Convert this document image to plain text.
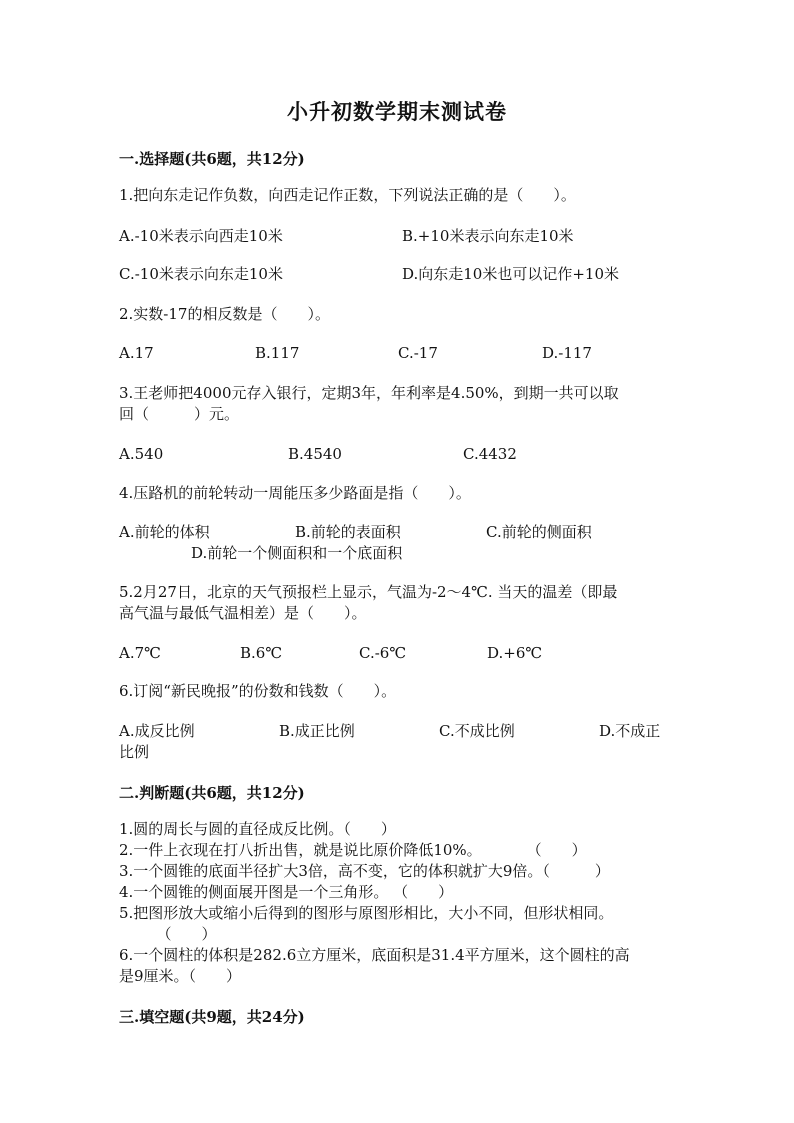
小升初数学期末测试卷
一.选择题(共6题，共12分)
1.把向东走记作负数，向西走记作正数，下列说法正确的是（　　）。
A.-10米表示向西走10米	B.+10米表示向东走10米
C.-10米表示向东走10米	D.向东走10米也可以记作+10米
2.实数-17的相反数是（　　）。
A.17	B.117	C.-17	D.-117
3.王老师把4000元存入银行，定期3年，年利率是4.50%，到期一共可以取
回（　　　）元。
A.540	B.4540	C.4432
4.压路机的前轮转动一周能压多少路面是指（　　）。
A.前轮的体积	B.前轮的表面积	C.前轮的侧面积
D.前轮一个侧面积和一个底面积
5.2月27日，北京的天气预报栏上显示，气温为-2～4℃. 当天的温差（即最
高气温与最低气温相差）是（　　）。
A.7℃	B.6℃	C.-6℃	D.+6℃
6.订阅“新民晚报”的份数和钱数（　　）。
A.成反比例	B.成正比例	C.不成比例	D.不成正
比例
二.判断题(共6题，共12分)
1.圆的周长与圆的直径成反比例。（　　）
2.一件上衣现在打八折出售，就是说比原价降低10%。　　　　（　　）
3.一个圆锥的底面半径扩大3倍，高不变，它的体积就扩大9倍。（　　　）
4.一个圆锥的侧面展开图是一个三角形。 （　　）
5.把图形放大或缩小后得到的图形与原图形相比，大小不同，但形状相同。
　　　（　　）
6.一个圆柱的体积是282.6立方厘米，底面积是31.4平方厘米，这个圆柱的高
是9厘米。（　　）
三.填空题(共9题，共24分)
